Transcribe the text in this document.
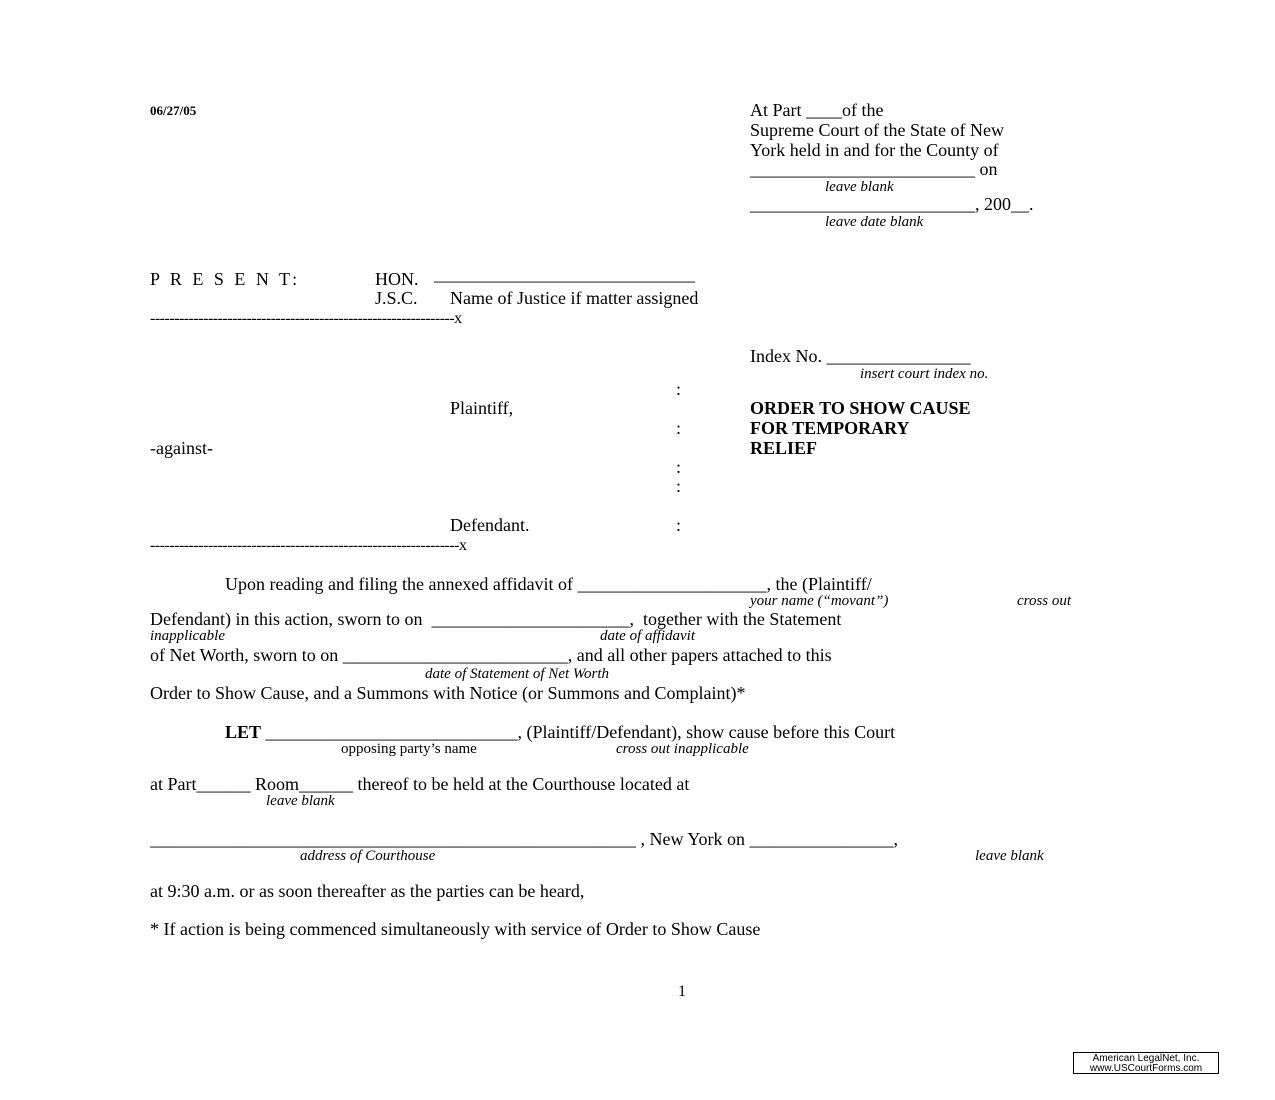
06/27/05	At Part ____of the
Supreme Court of the State of New
York held in and for the County of
_________________________ on
leave blank
_________________________, 200__.
leave date blank
P R E S E N T:	HON. _____________________________
J.S.C. Name of Justice if matter assigned
---------------------------------------------------------------x
Index No. ________________
insert court index no.
:
Plaintiff,	ORDER TO SHOW CAUSE
:	FOR TEMPORARY
-against-	RELIEF
:
:
Defendant.	:
----------------------------------------------------------------x
Upon reading and filing the annexed affidavit of _____________________, the (Plaintiff/
your name (“movant”)	cross out
Defendant) in this action, sworn to on  ______________________,  together with the Statement
inapplicable	date of affidavit
of Net Worth, sworn to on _________________________, and all other papers attached to this
date of Statement of Net Worth
Order to Show Cause, and a Summons with Notice (or Summons and Complaint)*
LET ____________________________, (Plaintiff/Defendant), show cause before this Court
opposing party’s name	cross out inapplicable
at Part______ Room______ thereof to be held at the Courthouse located at
leave blank
______________________________________________________ , New York on ________________,
address of Courthouse	leave blank
at 9:30 a.m. or as soon thereafter as the parties can be heard,
* If action is being commenced simultaneously with service of Order to Show Cause
1
American LegalNet, Inc.
www.USCourtForms.com
